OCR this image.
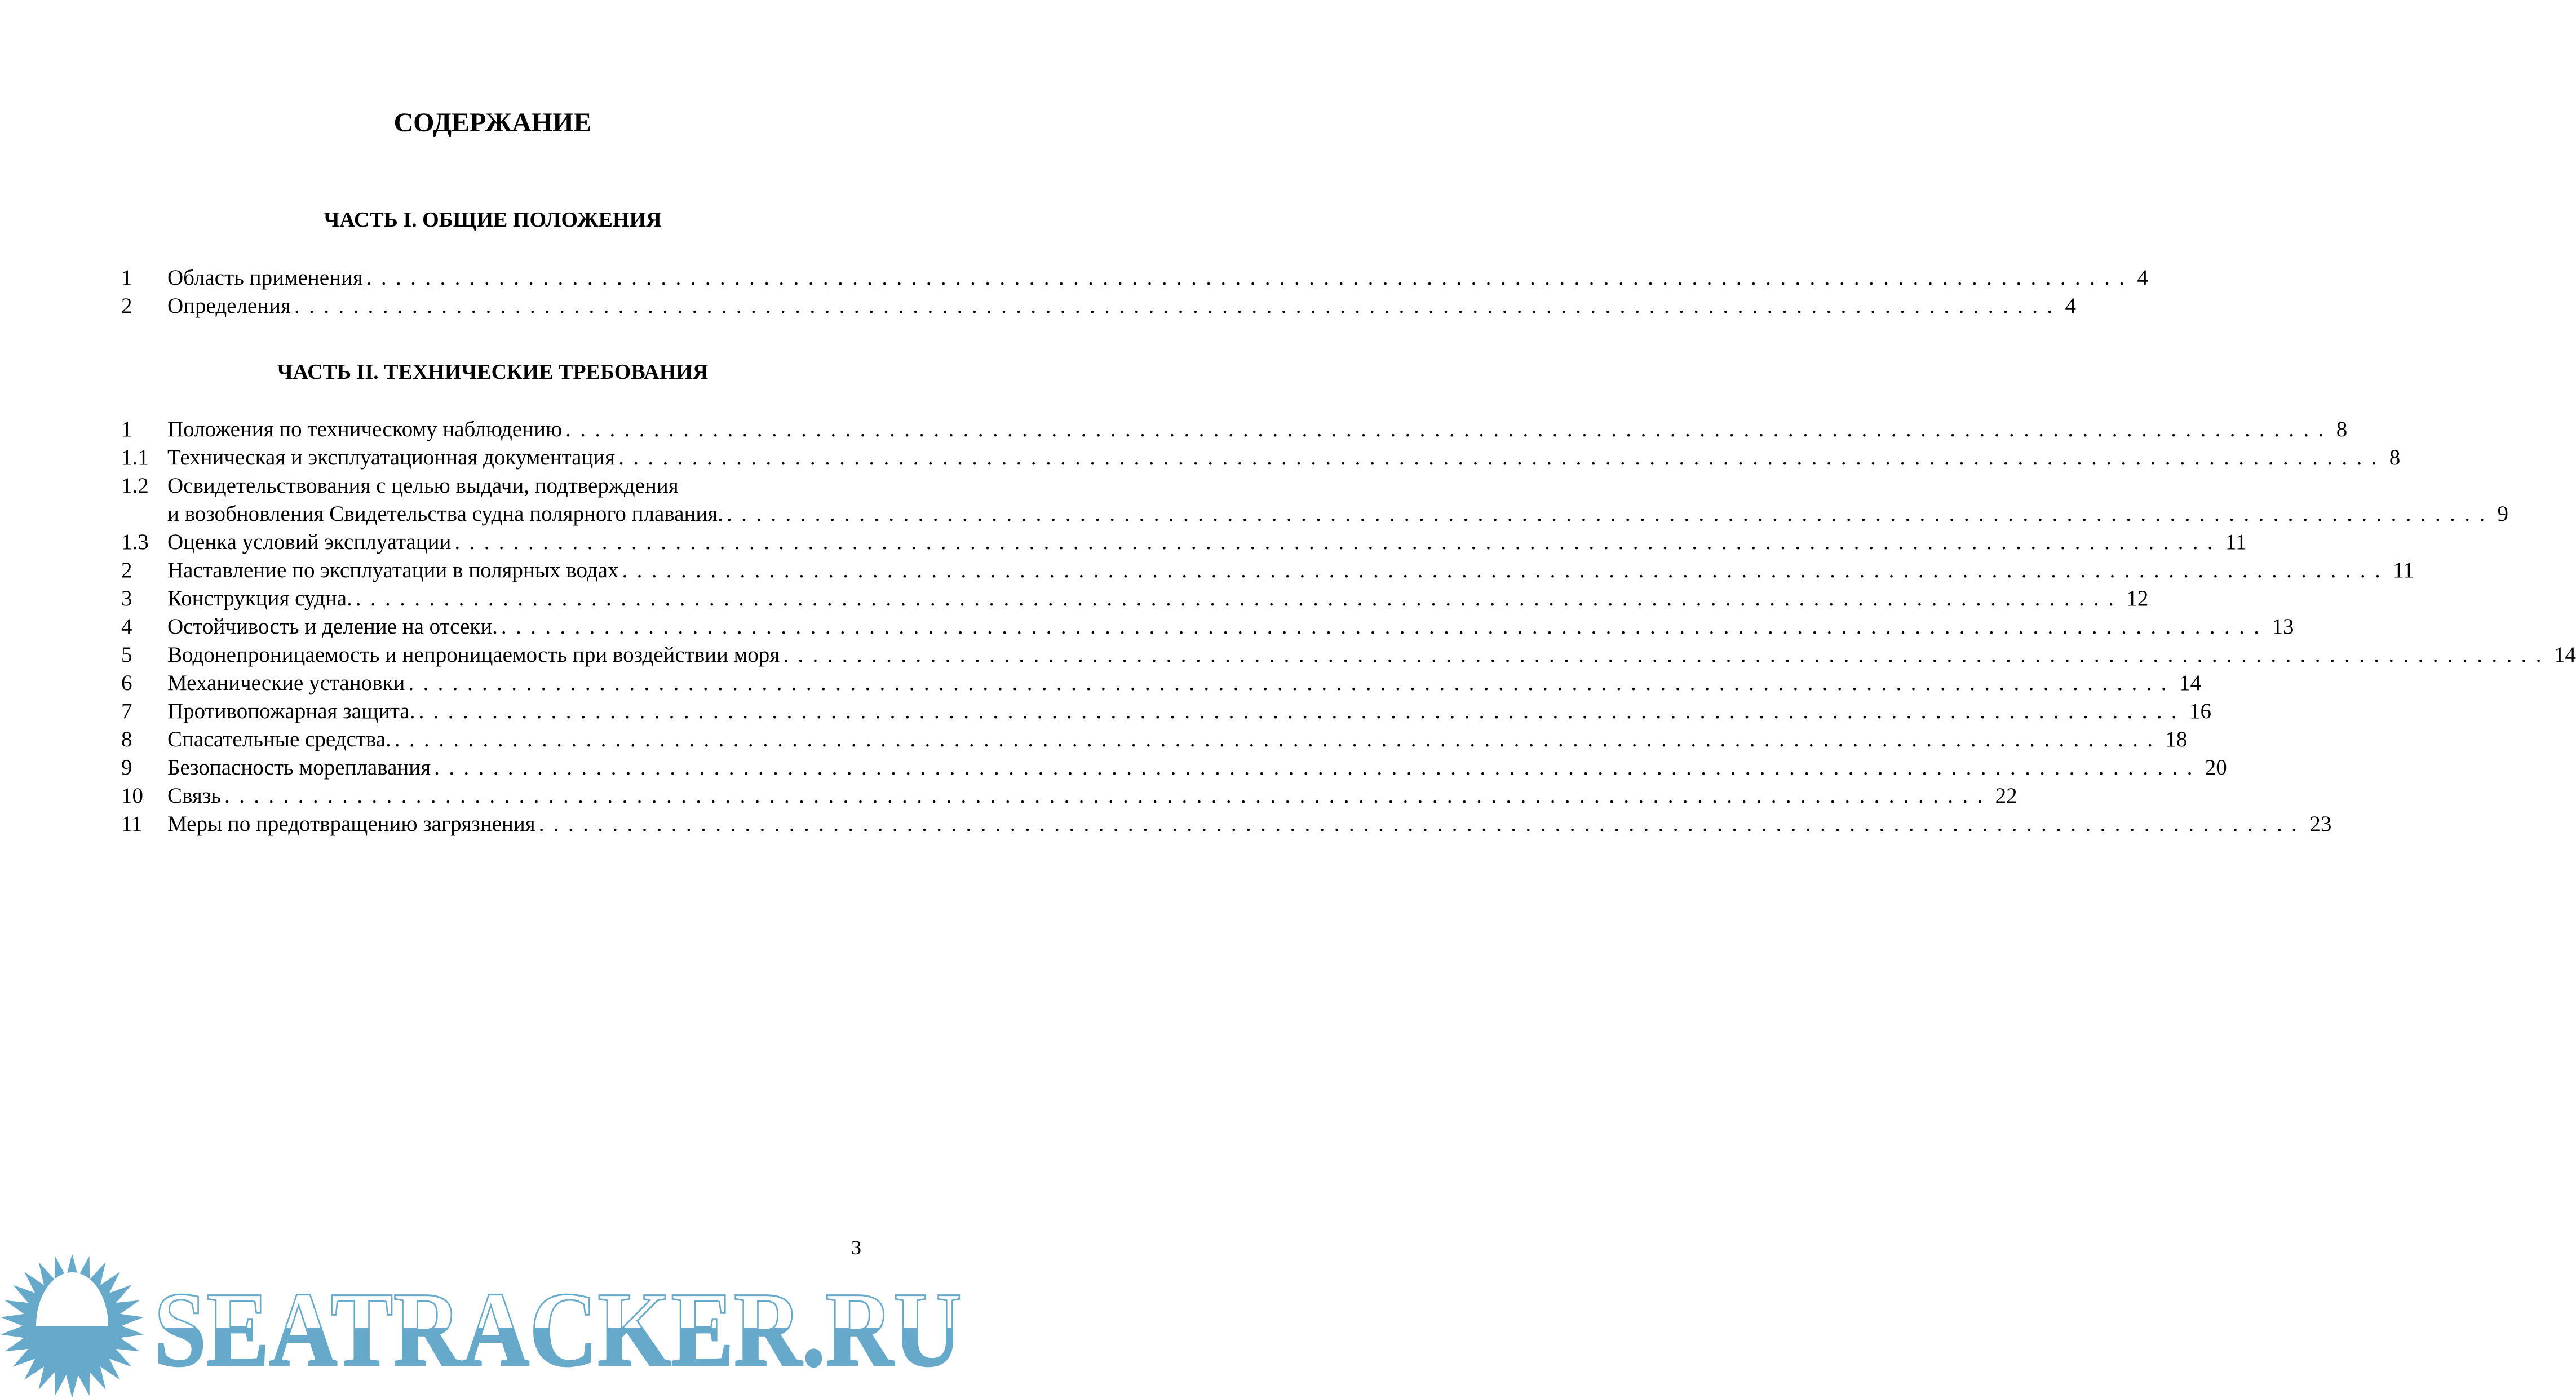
СОДЕРЖАНИЕ
ЧАСТЬ I. ОБЩИЕ ПОЛОЖЕНИЯ
1	Область применения ........................................................................................................................ 4
2	Определения ........................................................................................................................ 4
ЧАСТЬ II. ТЕХНИЧЕСКИЕ ТРЕБОВАНИЯ
1	Положения по техническому наблюдению ........................................................................................................................ 8
1.1 Техническая и эксплуатационная документация ........................................................................................................................ 8
1.2 Освидетельствования с целью выдачи, подтверждения
и возобновления Свидетельства судна полярного плавания. ........................................................................................................................ 9
1.3 Оценка условий эксплуатации ........................................................................................................................ 11
2	Наставление по эксплуатации в полярных водах ........................................................................................................................ 11
3	Конструкция судна. ........................................................................................................................ 12
4	Остойчивость и деление на отсеки. ........................................................................................................................ 13
5	Водонепроницаемость и непроницаемость при воздействии моря ........................................................................................................................ 14
6	Механические установки ........................................................................................................................ 14
7	Противопожарная защита. ........................................................................................................................ 16
8	Спасательные средства. ........................................................................................................................ 18
9	Безопасность мореплавания ........................................................................................................................ 20
10	Связь ........................................................................................................................ 22
11	Меры по предотвращению загрязнения ........................................................................................................................ 23
3
SEATRACKER.RU
